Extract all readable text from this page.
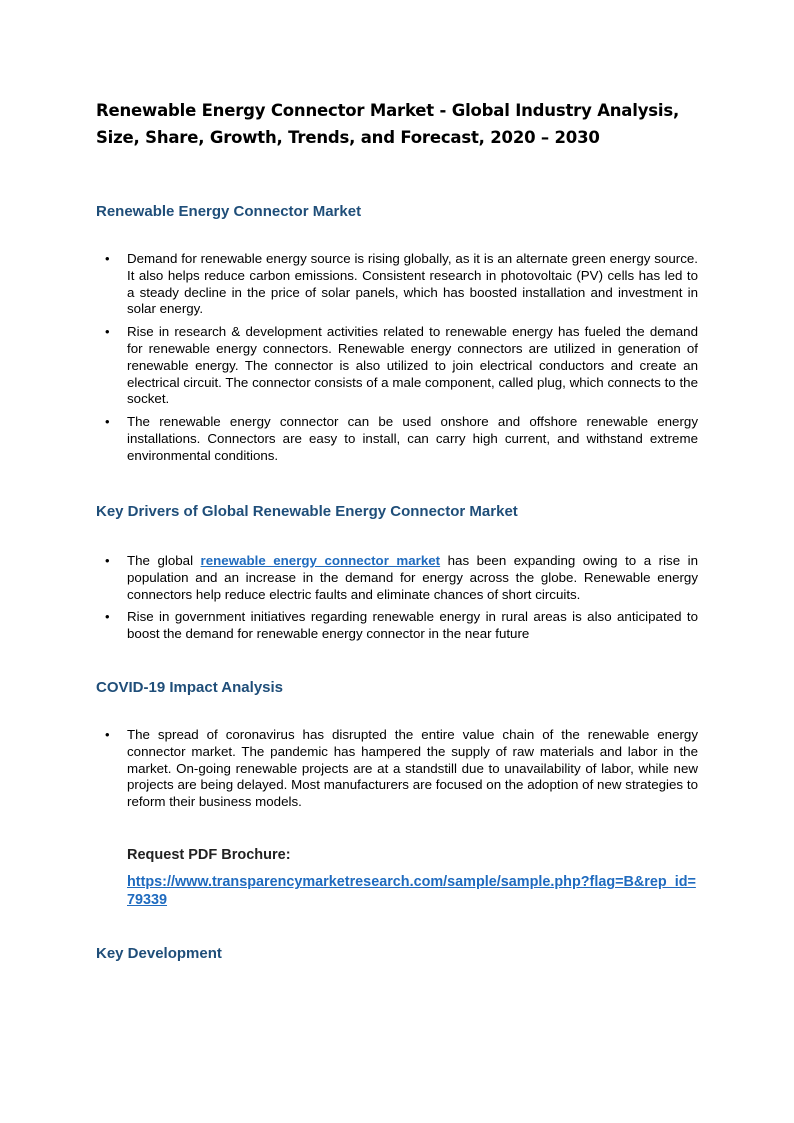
Renewable Energy Connector Market - Global Industry Analysis, Size, Share, Growth, Trends, and Forecast, 2020 – 2030
Renewable Energy Connector Market
• Demand for renewable energy source is rising globally, as it is an alternate green energy source. It also helps reduce carbon emissions. Consistent research in photovoltaic (PV) cells has led to a steady decline in the price of solar panels, which has boosted installation and investment in solar energy.
• Rise in research & development activities related to renewable energy has fueled the demand for renewable energy connectors. Renewable energy connectors are utilized in generation of renewable energy. The connector is also utilized to join electrical conductors and create an electrical circuit. The connector consists of a male component, called plug, which connects to the socket.
• The renewable energy connector can be used onshore and offshore renewable energy installations. Connectors are easy to install, can carry high current, and withstand extreme environmental conditions.
Key Drivers of Global Renewable Energy Connector Market
• The global renewable energy connector market has been expanding owing to a rise in population and an increase in the demand for energy across the globe. Renewable energy connectors help reduce electric faults and eliminate chances of short circuits.
• Rise in government initiatives regarding renewable energy in rural areas is also anticipated to boost the demand for renewable energy connector in the near future
COVID-19 Impact Analysis
• The spread of coronavirus has disrupted the entire value chain of the renewable energy connector market. The pandemic has hampered the supply of raw materials and labor in the market. On-going renewable projects are at a standstill due to unavailability of labor, while new projects are being delayed. Most manufacturers are focused on the adoption of new strategies to reform their business models.

Request PDF Brochure:

https://www.transparencymarketresearch.com/sample/sample.php?flag=B&rep_id=79339
Key Development
